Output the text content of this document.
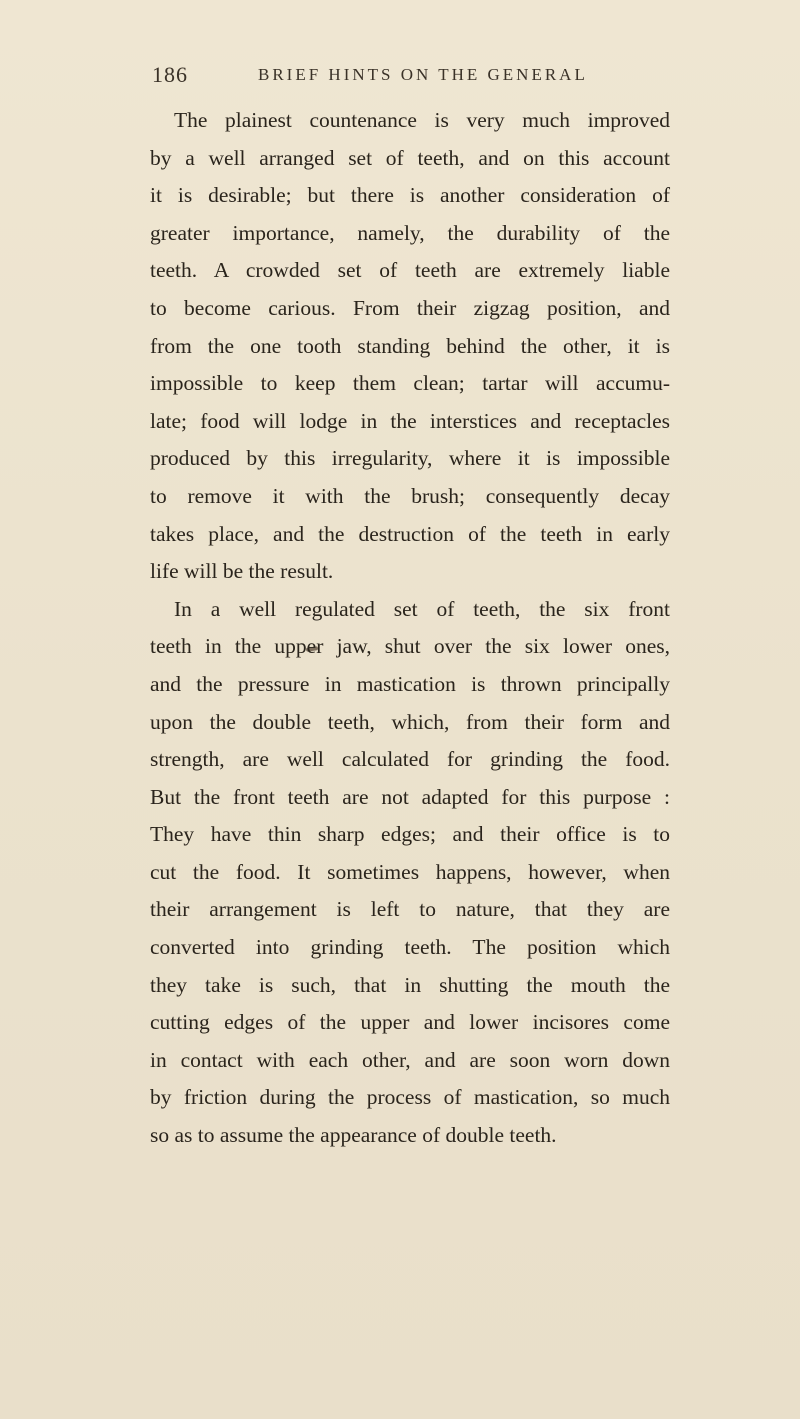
186	BRIEF HINTS ON THE GENERAL
The plainest countenance is very much improved
by a well arranged set of teeth, and on this account
it is desirable; but there is another consideration of
greater importance, namely, the durability of the
teeth. A crowded set of teeth are extremely liable
to become carious. From their zigzag position, and
from the one tooth standing behind the other, it is
impossible to keep them clean; tartar will accumu-
late; food will lodge in the interstices and receptacles
produced by this irregularity, where it is impossible
to remove it with the brush; consequently decay
takes place, and the destruction of the teeth in early
life will be the result.
In a well regulated set of teeth, the six front
teeth in the upper jaw, shut over the six lower ones,
and the pressure in mastication is thrown principally
upon the double teeth, which, from their form and
strength, are well calculated for grinding the food.
But the front teeth are not adapted for this purpose :
They have thin sharp edges; and their office is to
cut the food. It sometimes happens, however, when
their arrangement is left to nature, that they are
converted into grinding teeth. The position which
they take is such, that in shutting the mouth the
cutting edges of the upper and lower incisores come
in contact with each other, and are soon worn down
by friction during the process of mastication, so much
so as to assume the appearance of double teeth.
